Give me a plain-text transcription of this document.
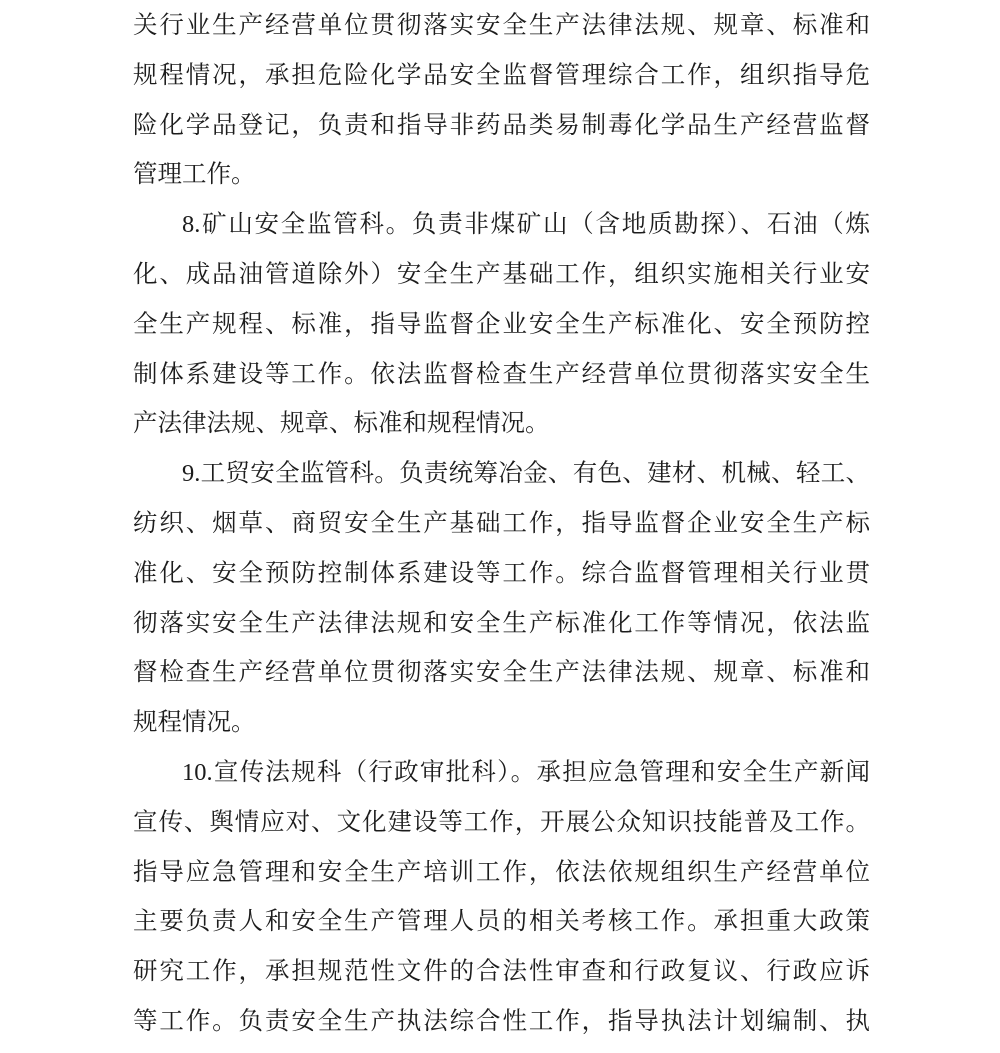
关行业生产经营单位贯彻落实安全生产法律法规、规章、标准和

规程情况，承担危险化学品安全监督管理综合工作，组织指导危

险化学品登记，负责和指导非药品类易制毒化学品生产经营监督

管理工作。

8.矿山安全监管科。负责非煤矿山（含地质勘探）、石油（炼

化、成品油管道除外）安全生产基础工作，组织实施相关行业安

全生产规程、标准，指导监督企业安全生产标准化、安全预防控

制体系建设等工作。依法监督检查生产经营单位贯彻落实安全生

产法律法规、规章、标准和规程情况。

9.工贸安全监管科。负责统筹冶金、有色、建材、机械、轻工、

纺织、烟草、商贸安全生产基础工作，指导监督企业安全生产标

准化、安全预防控制体系建设等工作。综合监督管理相关行业贯

彻落实安全生产法律法规和安全生产标准化工作等情况，依法监

督检查生产经营单位贯彻落实安全生产法律法规、规章、标准和

规程情况。

10.宣传法规科（行政审批科）。承担应急管理和安全生产新闻

宣传、舆情应对、文化建设等工作，开展公众知识技能普及工作。

指导应急管理和安全生产培训工作，依法依规组织生产经营单位

主要负责人和安全生产管理人员的相关考核工作。承担重大政策

研究工作，承担规范性文件的合法性审查和行政复议、行政应诉

等工作。负责安全生产执法综合性工作，指导执法计划编制、执
